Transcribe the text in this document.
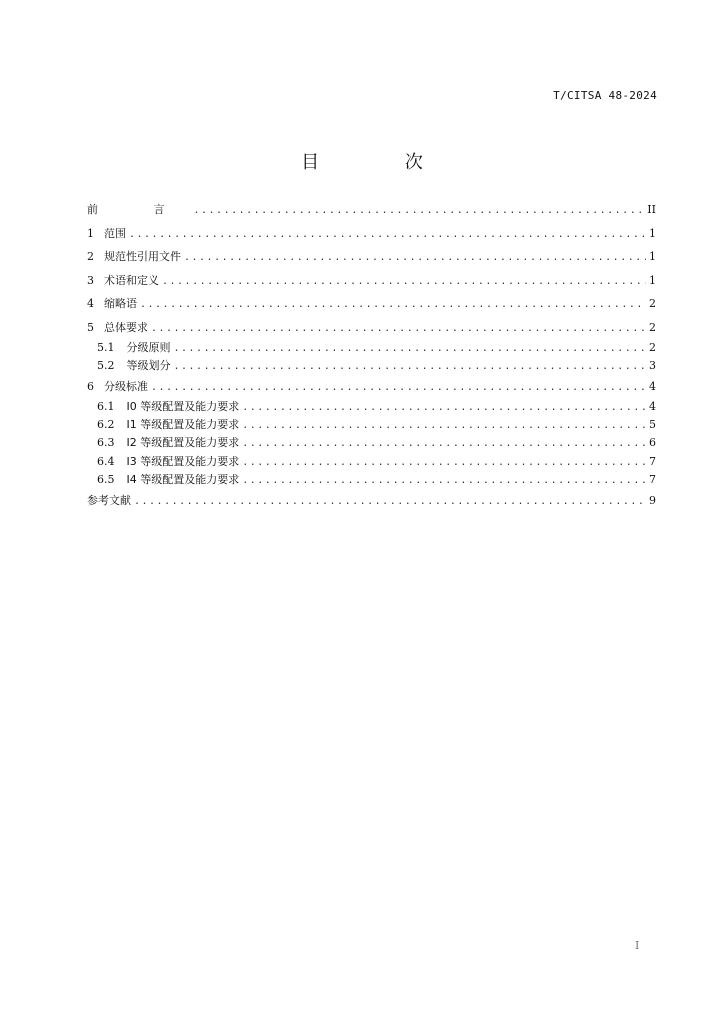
T/CITSA 48-2024
目 次
前 言 .....	II
1 范围 .....	1
2 规范性引用文件 .....	1
3 术语和定义 .....	1
4 缩略语 .....	2
5 总体要求 .....	2
5.1 分级原则 .....	2
5.2 等级划分 .....	3
6 分级标准 .....	4
6.1 I0 等级配置及能力要求 .....	4
6.2 I1 等级配置及能力要求 .....	5
6.3 I2 等级配置及能力要求 .....	6
6.4 I3 等级配置及能力要求 .....	7
6.5 I4 等级配置及能力要求 .....	7
参考文献 .....	9
I
